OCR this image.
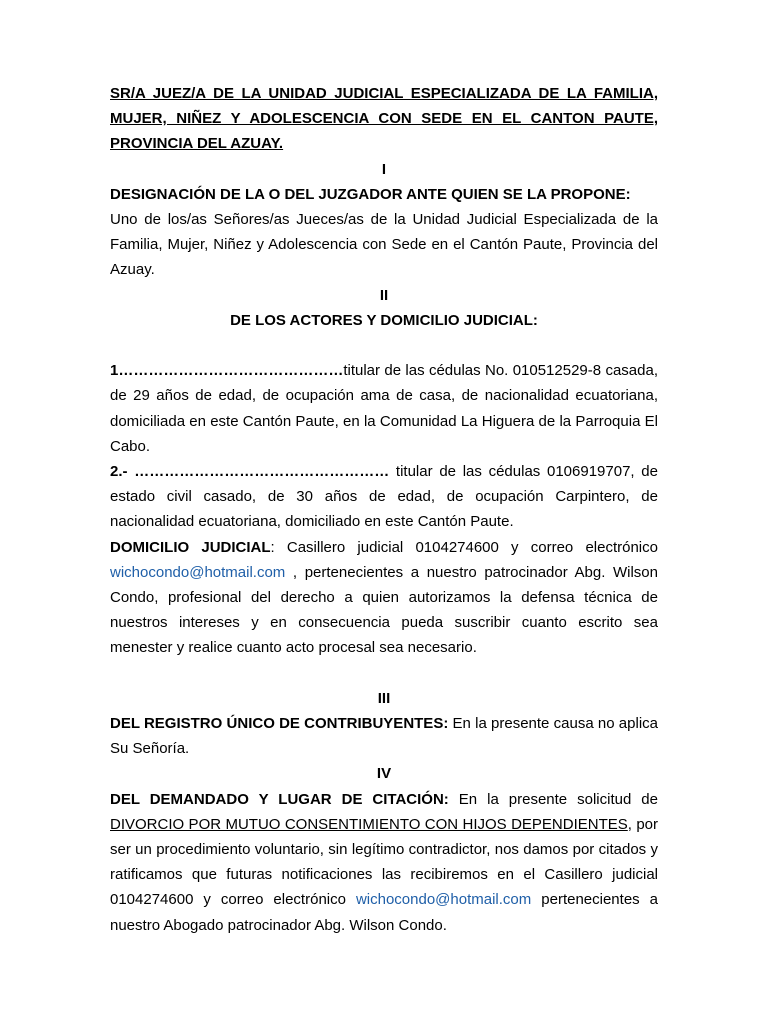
SR/A JUEZ/A DE LA UNIDAD JUDICIAL ESPECIALIZADA DE LA FAMILIA, MUJER, NIÑEZ Y ADOLESCENCIA CON SEDE EN EL CANTON PAUTE, PROVINCIA DEL AZUAY.

I

DESIGNACIÓN DE LA O DEL JUZGADOR ANTE QUIEN SE LA PROPONE:

Uno de los/as Señores/as Jueces/as de la Unidad Judicial Especializada de la Familia, Mujer, Niñez y Adolescencia con Sede en el Cantón Paute, Provincia del Azuay.

II

DE LOS ACTORES Y DOMICILIO JUDICIAL:

1………………………………………titular de las cédulas No. 010512529-8 casada, de 29 años de edad, de ocupación ama de casa, de nacionalidad ecuatoriana, domiciliada en este Cantón Paute, en la Comunidad La Higuera de la Parroquia El Cabo.

2.- …………………………………………… titular de las cédulas 0106919707, de estado civil casado, de 30 años de edad, de ocupación Carpintero, de nacionalidad ecuatoriana, domiciliado en este Cantón Paute.

DOMICILIO JUDICIAL: Casillero judicial 0104274600 y correo electrónico wichocondo@hotmail.com , pertenecientes a nuestro patrocinador Abg. Wilson Condo, profesional del derecho a quien autorizamos la defensa técnica de nuestros intereses y en consecuencia pueda suscribir cuanto escrito sea menester y realice cuanto acto procesal sea necesario.

III

DEL REGISTRO ÚNICO DE CONTRIBUYENTES: En la presente causa no aplica Su Señoría.

IV

DEL DEMANDADO Y LUGAR DE CITACIÓN: En la presente solicitud de DIVORCIO POR MUTUO CONSENTIMIENTO CON HIJOS DEPENDIENTES, por ser un procedimiento voluntario, sin legítimo contradictor, nos damos por citados y ratificamos que futuras notificaciones las recibiremos en el Casillero judicial 0104274600 y correo electrónico wichocondo@hotmail.com pertenecientes a nuestro Abogado patrocinador Abg. Wilson Condo.
